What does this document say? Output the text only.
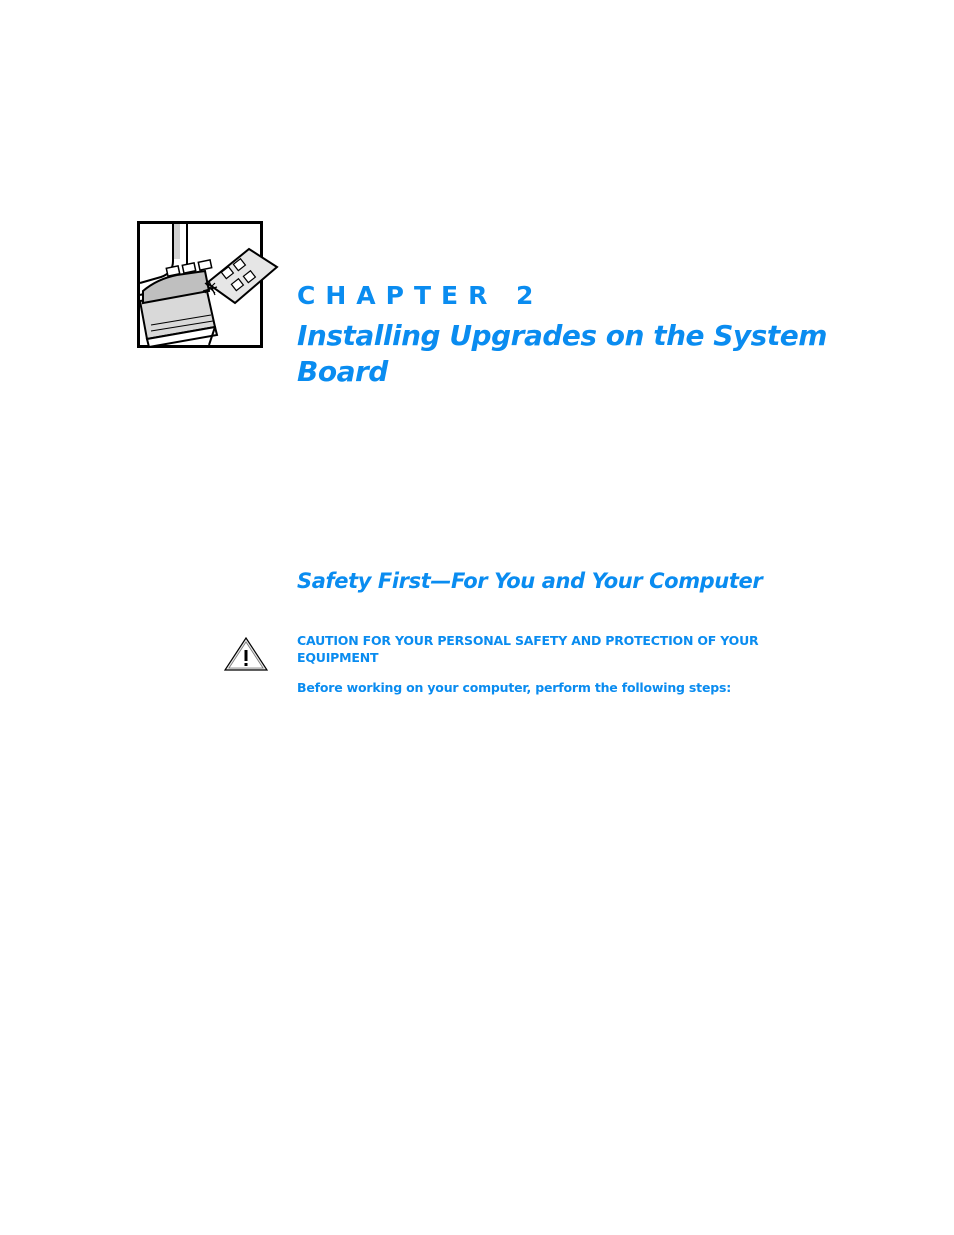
CHAPTER 2
Installing Upgrades on the System Board
Safety First—For You and Your Computer

CAUTION FOR YOUR PERSONAL SAFETY AND PROTECTION OF YOUR EQUIPMENT

Before working on your computer, perform the following steps:
